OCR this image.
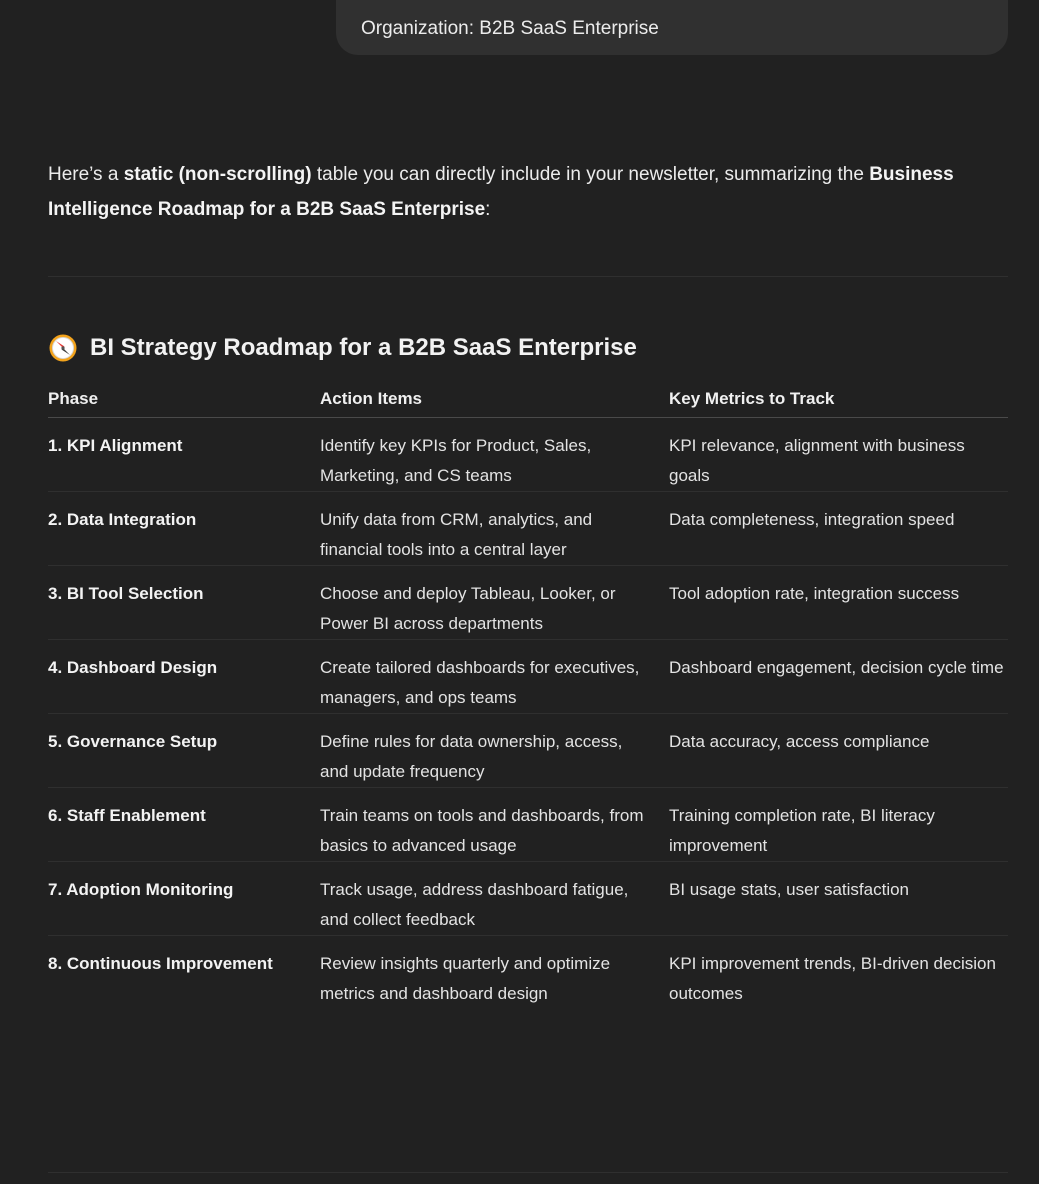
Organization: B2B SaaS Enterprise
Here’s a static (non-scrolling) table you can directly include in your newsletter, summarizing the Business Intelligence Roadmap for a B2B SaaS Enterprise:
BI Strategy Roadmap for a B2B SaaS Enterprise
Phase	Action Items	Key Metrics to Track
1. KPI Alignment	Identify key KPIs for Product, Sales, Marketing, and CS teams	KPI relevance, alignment with business goals
2. Data Integration	Unify data from CRM, analytics, and financial tools into a central layer	Data completeness, integration speed
3. BI Tool Selection	Choose and deploy Tableau, Looker, or Power BI across departments	Tool adoption rate, integration success
4. Dashboard Design	Create tailored dashboards for executives, managers, and ops teams	Dashboard engagement, decision cycle time
5. Governance Setup	Define rules for data ownership, access, and update frequency	Data accuracy, access compliance
6. Staff Enablement	Train teams on tools and dashboards, from basics to advanced usage	Training completion rate, BI literacy improvement
7. Adoption Monitoring	Track usage, address dashboard fatigue, and collect feedback	BI usage stats, user satisfaction
8. Continuous Improvement	Review insights quarterly and optimize metrics and dashboard design	KPI improvement trends, BI-driven decision outcomes
